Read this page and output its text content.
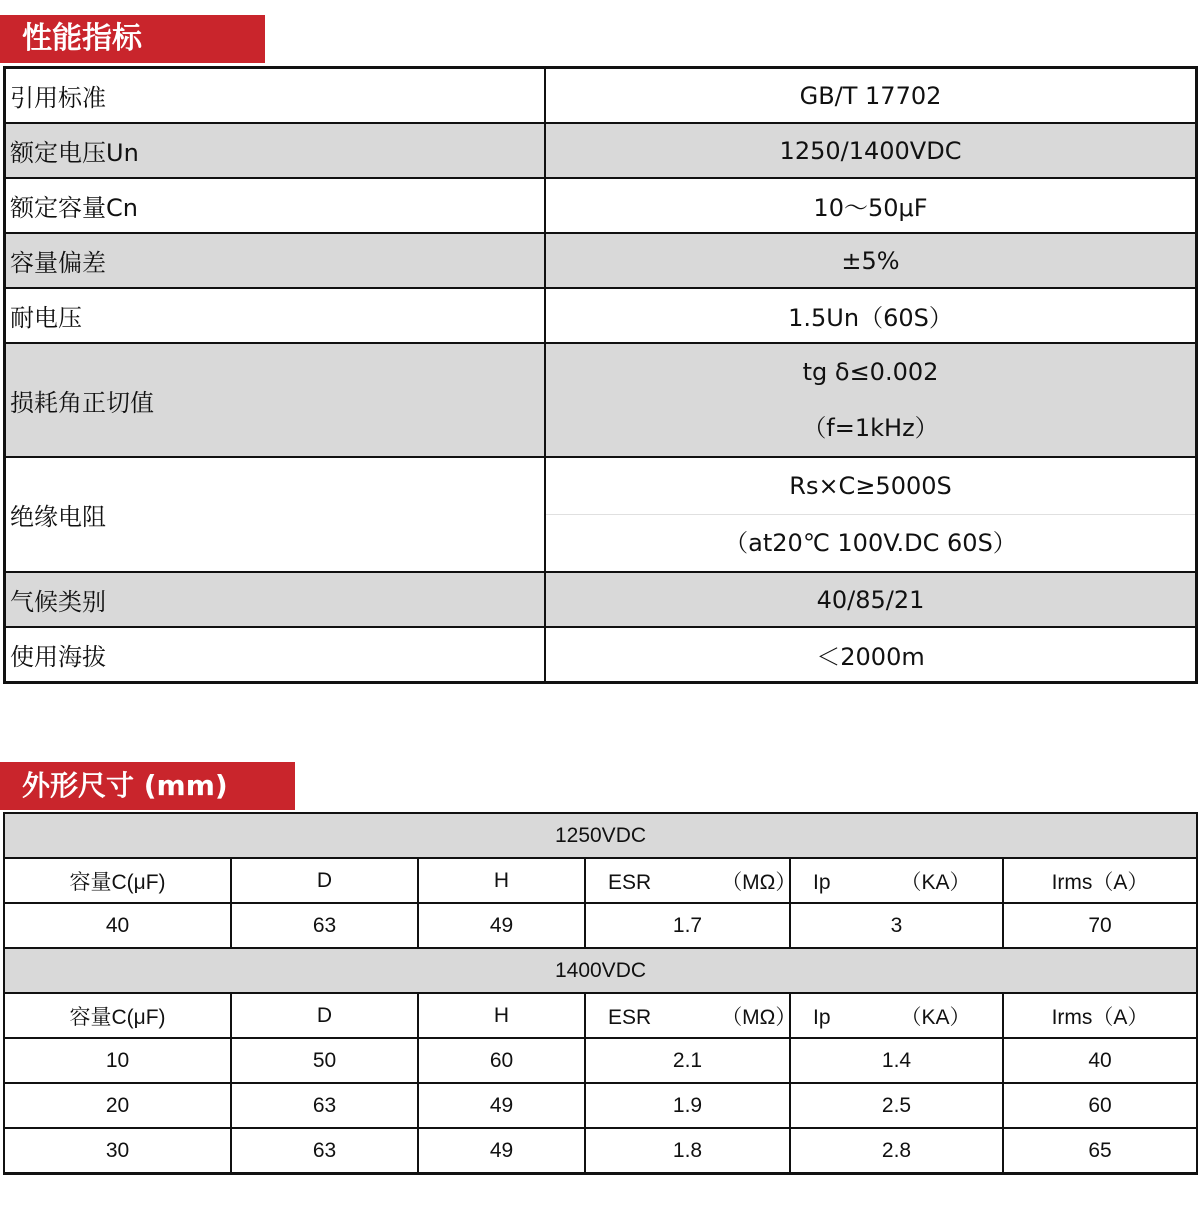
性能指标
引用标准	GB/T 17702
额定电压Un	1250/1400VDC
额定容量Cn	10～50μF
容量偏差	±5%
耐电压	1.5Un（60S）
损耗角正切值	tg δ≤0.002
（f=1kHz）

绝缘电阻	Rs×C≥5000S
（at20℃ 100V.DC 60S）

气候类别	40/85/21
使用海拔	＜2000m
外形尺寸 (mm)
1250VDC					
容量C(μF)	D	H	ESR （MΩ）	Ip （KA）	Irms（A）
40	63	49	1.7	3	70
1400VDC					
容量C(μF)	D	H	ESR （MΩ）	Ip （KA）	Irms（A）
10	50	60	2.1	1.4	40
20	63	49	1.9	2.5	60
30	63	49	1.8	2.8	65
